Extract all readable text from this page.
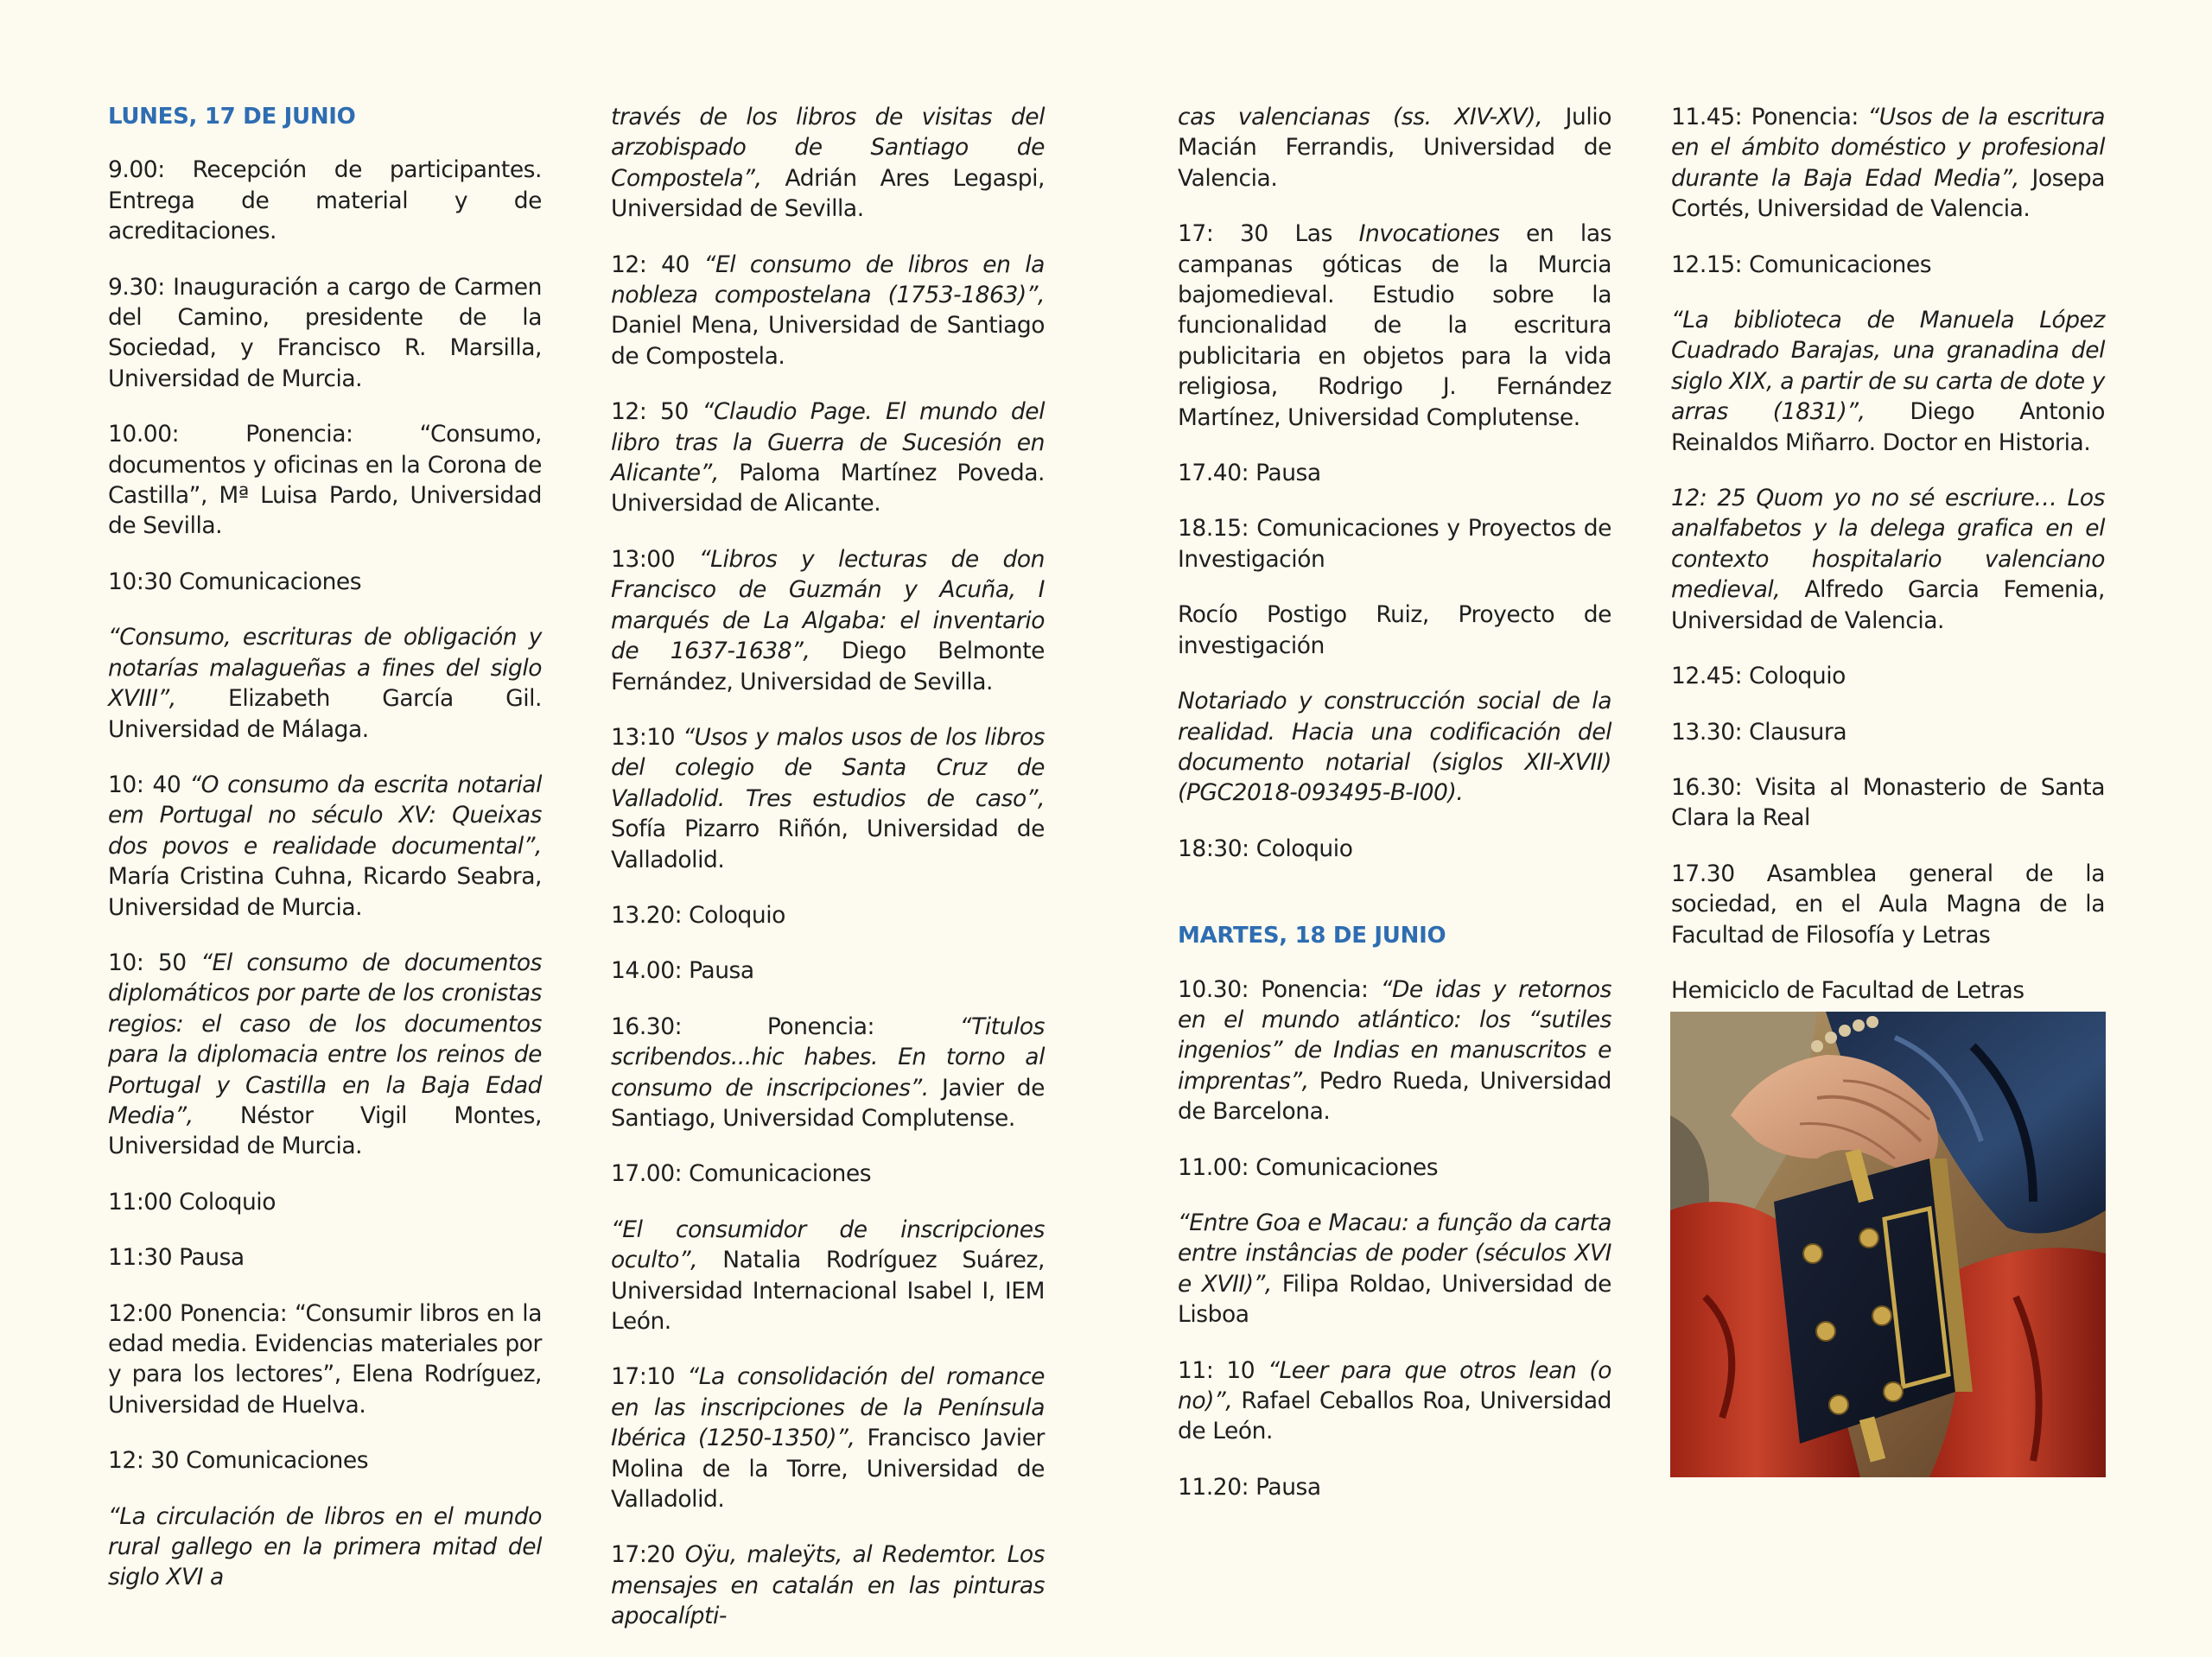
LUNES, 17 DE JUNIO

9.00: Recepción de participantes. Entrega de material y de acreditaciones.

9.30: Inauguración a cargo de Carmen del Camino, presidente de la Sociedad, y Francisco R. Marsilla, Universidad de Murcia.

10.00: Ponencia: “Consumo, documentos y oficinas en la Corona de Castilla”, Mª Luisa Pardo, Universidad de Sevilla.

10:30 Comunicaciones

“Consumo, escrituras de obligación y notarías malagueñas a fines del siglo XVIII”, Elizabeth García Gil. Universidad de Málaga.

10: 40 “O consumo da escrita notarial em Portugal no século XV: Queixas dos povos e realidade documental”, María Cristina Cuhna, Ricardo Seabra, Universidad de Murcia.

10: 50 “El consumo de documentos diplomáticos por parte de los cronistas regios: el caso de los documentos para la diplomacia entre los reinos de Portugal y Castilla en la Baja Edad Media”, Néstor Vigil Montes, Universidad de Murcia.

11:00 Coloquio

11:30 Pausa

12:00 Ponencia: “Consumir libros en la edad media. Evidencias materiales por y para los lectores”, Elena Rodríguez, Universidad de Huelva.

12: 30 Comunicaciones

“La circulación de libros en el mundo rural gallego en la primera mitad del siglo XVI a

través de los libros de visitas del arzobispado de Santiago de Compostela”, Adrián Ares Legaspi, Universidad de Sevilla.

12: 40 “El consumo de libros en la nobleza compostelana (1753-1863)”, Daniel Mena, Universidad de Santiago de Compostela.

12: 50 “Claudio Page. El mundo del libro tras la Guerra de Sucesión en Alicante”, Paloma Martínez Poveda. Universidad de Alicante.

13:00 “Libros y lecturas de don Francisco de Guzmán y Acuña, I marqués de La Algaba: el inventario de 1637-1638”, Diego Belmonte Fernández, Universidad de Sevilla.

13:10 “Usos y malos usos de los libros del colegio de Santa Cruz de Valladolid. Tres estudios de caso”, Sofía Pizarro Riñón, Universidad de Valladolid.

13.20: Coloquio

14.00: Pausa

16.30: Ponencia: “Titulos scribendos...hic habes. En torno al consumo de inscripciones”. Javier de Santiago, Universidad Complutense.

17.00: Comunicaciones

“El consumidor de inscripciones oculto”, Natalia Rodríguez Suárez, Universidad Internacional Isabel I, IEM León.

17:10 “La consolidación del romance en las inscripciones de la Península Ibérica (1250-1350)”, Francisco Javier Molina de la Torre, Universidad de Valladolid.

17:20 Oÿu, maleÿts, al Redemtor. Los mensajes en catalán en las pinturas apocalípti-

cas valencianas (ss. XIV-XV), Julio Macián Ferrandis, Universidad de Valencia.

17: 30 Las Invocationes en las campanas góticas de la Murcia bajomedieval. Estudio sobre la funcionalidad de la escritura publicitaria en objetos para la vida religiosa, Rodrigo J. Fernández Martínez, Universidad Complutense.

17.40: Pausa

18.15: Comunicaciones y Proyectos de Investigación

Rocío Postigo Ruiz, Proyecto de investigación

Notariado y construcción social de la realidad. Hacia una codificación del documento notarial (siglos XII-XVII) (PGC2018-093495-B-I00).

18:30: Coloquio

MARTES, 18 DE JUNIO

10.30: Ponencia: “De idas y retornos en el mundo atlántico: los “sutiles ingenios” de Indias en manuscritos e imprentas”, Pedro Rueda, Universidad de Barcelona.

11.00: Comunicaciones

“Entre Goa e Macau: a função da carta entre instâncias de poder (séculos XVI e XVII)”, Filipa Roldao, Universidad de Lisboa

11: 10 “Leer para que otros lean (o no)”, Rafael Ceballos Roa, Universidad de León.

11.20: Pausa

11.45: Ponencia: “Usos de la escritura en el ámbito doméstico y profesional durante la Baja Edad Media”, Josepa Cortés, Universidad de Valencia.

12.15: Comunicaciones

“La biblioteca de Manuela López Cuadrado Barajas, una granadina del siglo XIX, a partir de su carta de dote y arras (1831)”, Diego Antonio Reinaldos Miñarro. Doctor en Historia.

12: 25 Quom yo no sé escriure… Los analfabetos y la delega grafica en el contexto hospitalario valenciano medieval, Alfredo Garcia Femenia, Universidad de Valencia.

12.45: Coloquio

13.30: Clausura

16.30: Visita al Monasterio de Santa Clara la Real

17.30 Asamblea general de la sociedad, en el Aula Magna de la Facultad de Filosofía y Letras

Hemiciclo de Facultad de Letras
